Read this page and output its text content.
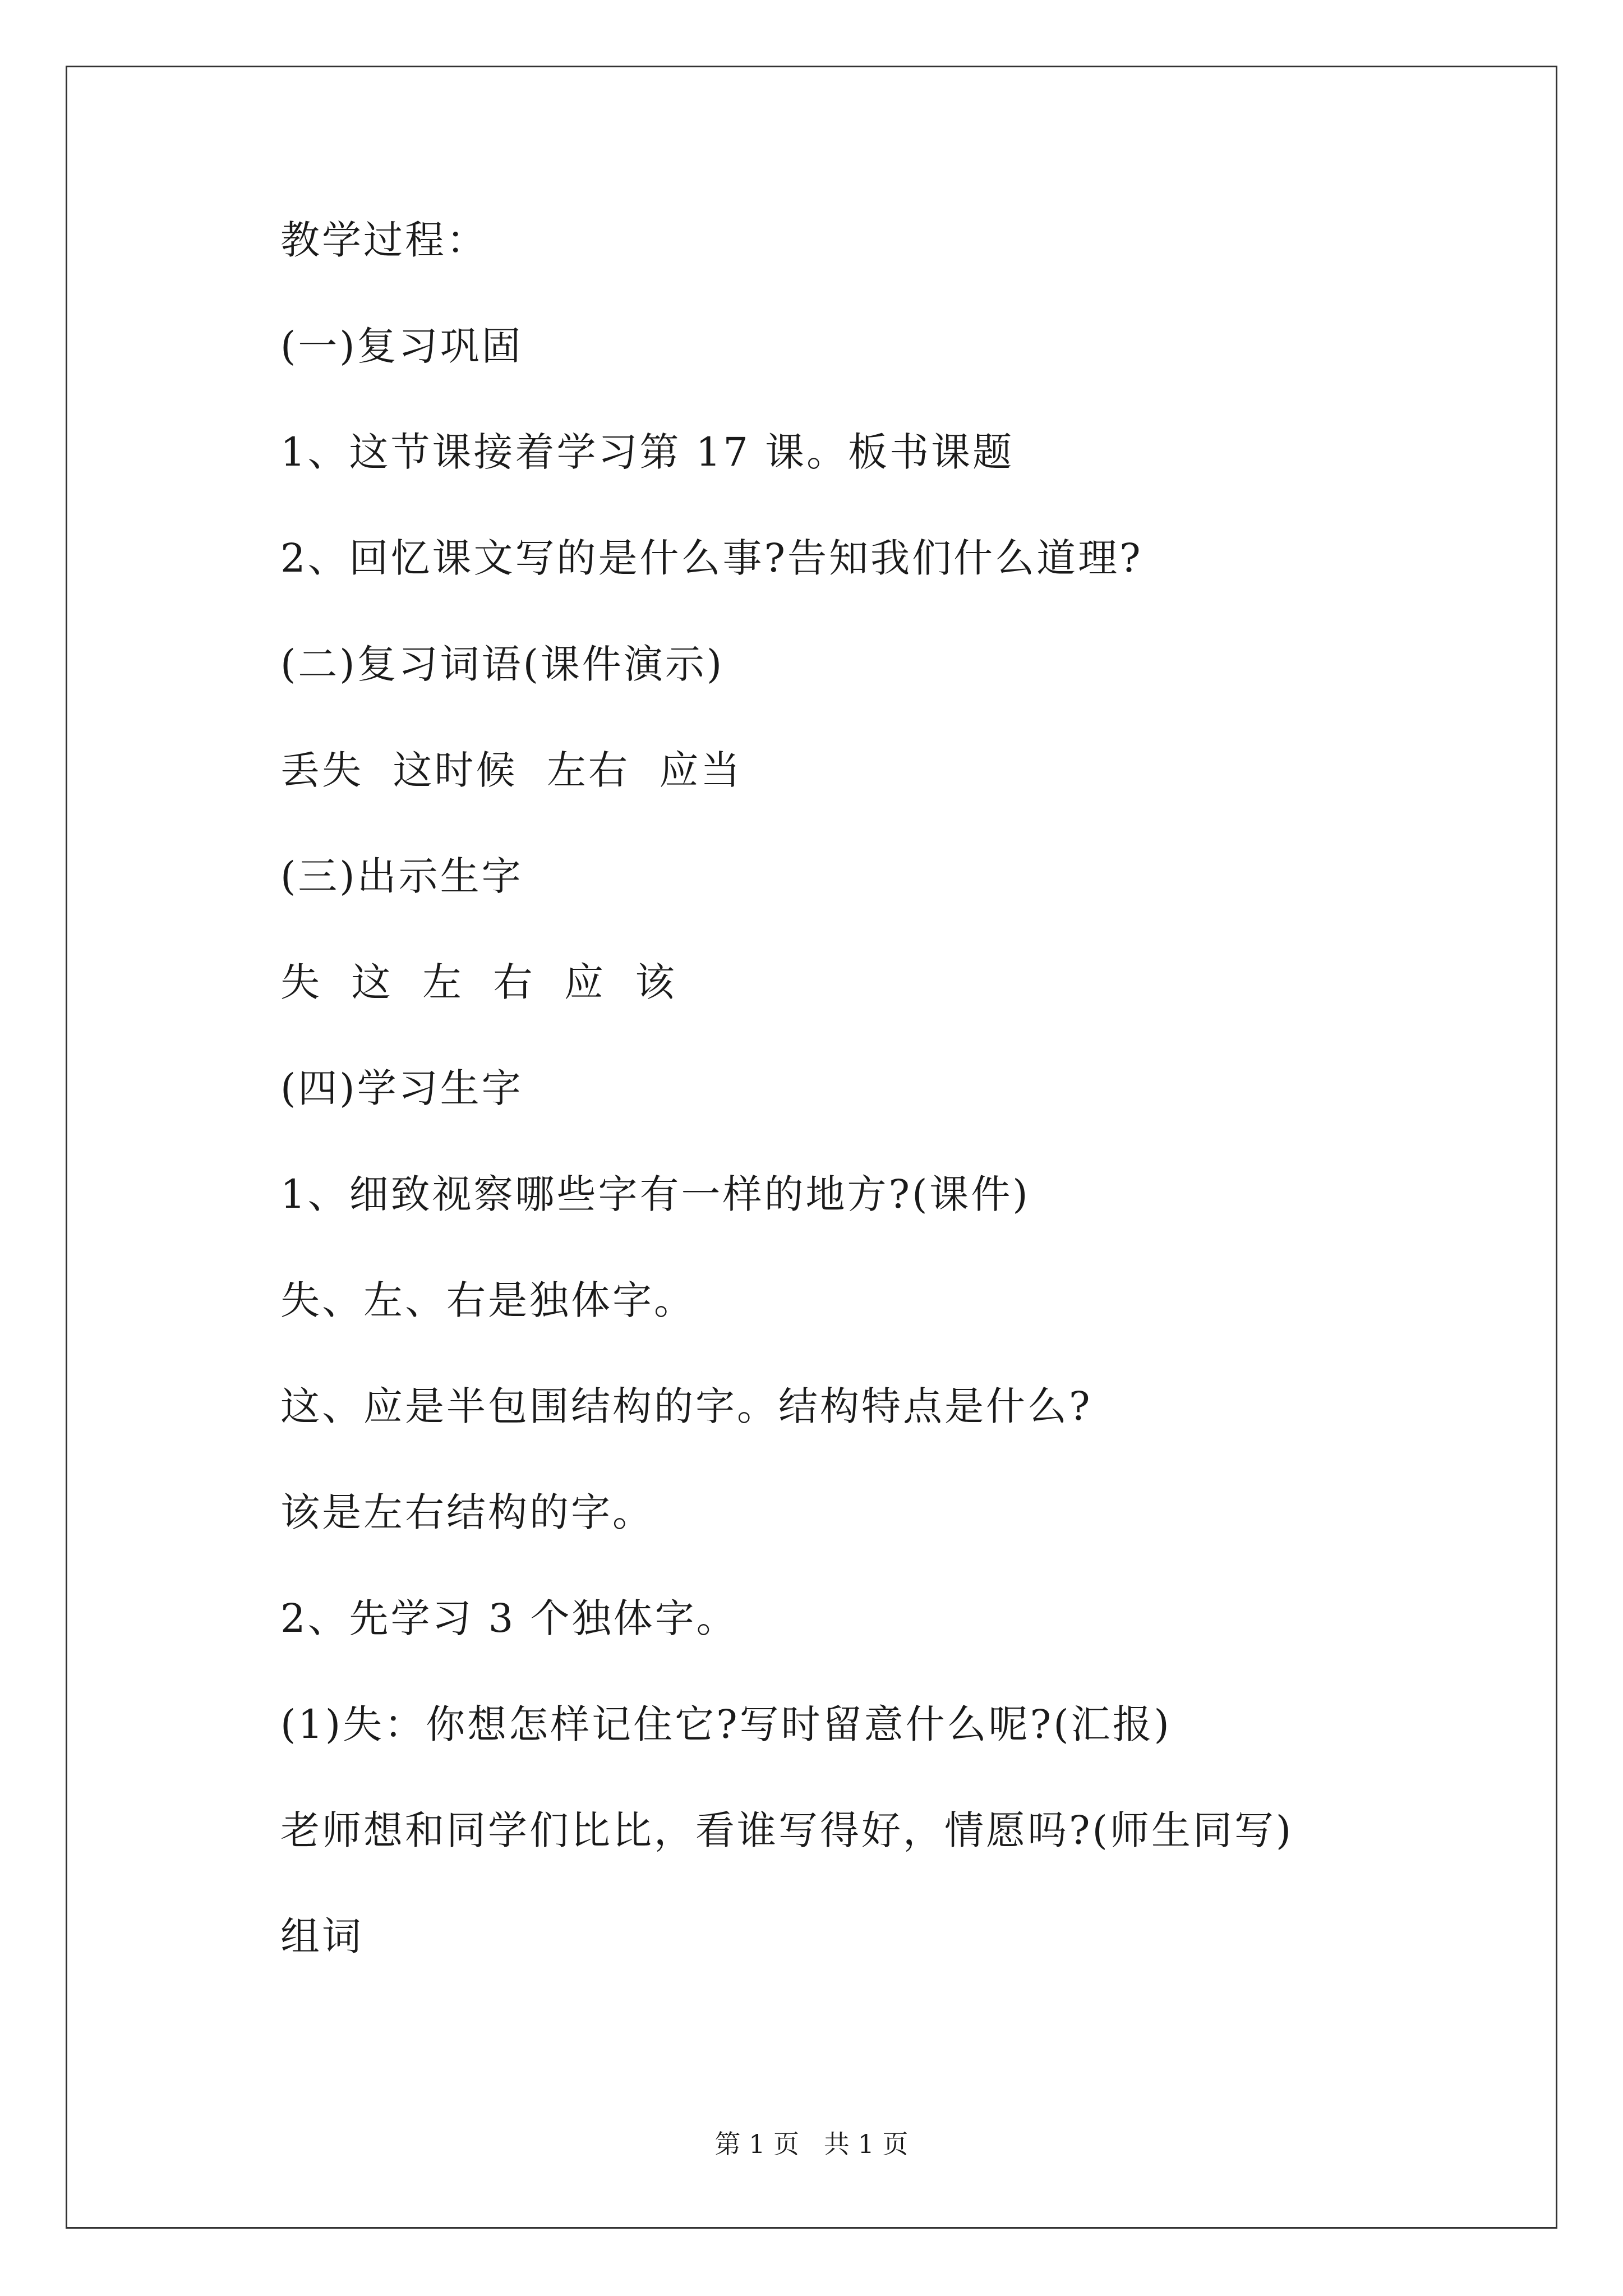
教学过程：
(一)复习巩固
1、这节课接着学习第 17 课。板书课题
2、回忆课文写的是什么事?告知我们什么道理?
(二)复习词语(课件演示)
丢失  这时候  左右  应当
(三)出示生字
失  这  左  右  应  该
(四)学习生字
1、细致视察哪些字有一样的地方?(课件)
失、左、右是独体字。
这、应是半包围结构的字。结构特点是什么?
该是左右结构的字。
2、先学习 3 个独体字。
(1)失：你想怎样记住它?写时留意什么呢?(汇报)
老师想和同学们比比，看谁写得好，情愿吗?(师生同写)
组词
第 1 页   共 1 页
